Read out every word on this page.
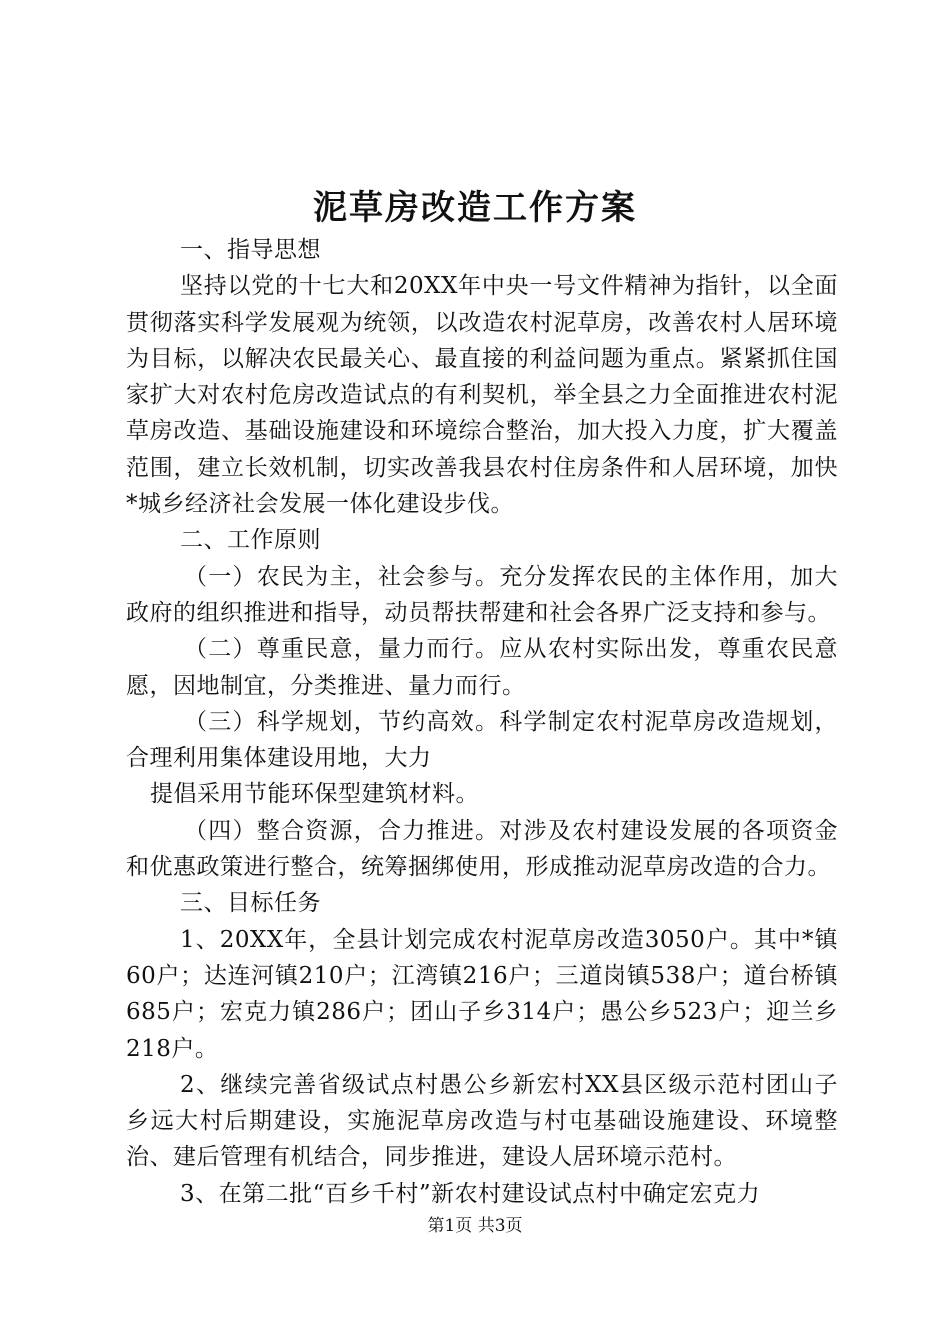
泥草房改造工作方案

一、指导思想

坚持以党的十七大和20XX年中央一号文件精神为指针，以全面贯彻落实科学发展观为统领，以改造农村泥草房，改善农村人居环境为目标，以解决农民最关心、最直接的利益问题为重点。紧紧抓住国家扩大对农村危房改造试点的有利契机，举全县之力全面推进农村泥草房改造、基础设施建设和环境综合整治，加大投入力度，扩大覆盖范围，建立长效机制，切实改善我县农村住房条件和人居环境，加快*城乡经济社会发展一体化建设步伐。

二、工作原则

（一）农民为主，社会参与。充分发挥农民的主体作用，加大政府的组织推进和指导，动员帮扶帮建和社会各界广泛支持和参与。

（二）尊重民意，量力而行。应从农村实际出发，尊重农民意愿，因地制宜，分类推进、量力而行。

（三）科学规划，节约高效。科学制定农村泥草房改造规划，合理利用集体建设用地，大力

提倡采用节能环保型建筑材料。

（四）整合资源，合力推进。对涉及农村建设发展的各项资金和优惠政策进行整合，统筹捆绑使用，形成推动泥草房改造的合力。

三、目标任务

1、20XX年，全县计划完成农村泥草房改造3050户。其中*镇60户；达连河镇210户；江湾镇216户；三道岗镇538户；道台桥镇685户；宏克力镇286户；团山子乡314户；愚公乡523户；迎兰乡218户。

2、继续完善省级试点村愚公乡新宏村XX县区级示范村团山子乡远大村后期建设，实施泥草房改造与村屯基础设施建设、环境整治、建后管理有机结合，同步推进，建设人居环境示范村。

3、在第二批“百乡千村”新农村建设试点村中确定宏克力

第1页 共3页
